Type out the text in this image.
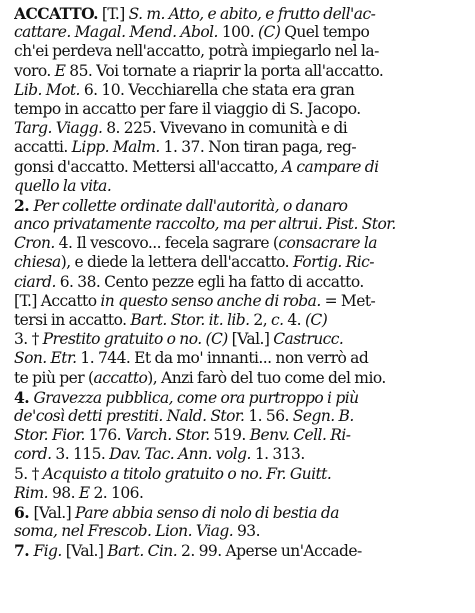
ACCATTO. [T.] S. m. Atto, e abito, e frutto dell'ac-
cattare. Magal. Mend. Abol. 100. (C) Quel tempo
ch'ei perdeva nell'accatto, potrà impiegarlo nel la-
voro. E 85. Voi tornate a riaprir la porta all'accatto.
Lib. Mot. 6. 10. Vecchiarella che stata era gran
tempo in accatto per fare il viaggio di S. Jacopo.
Targ. Viagg. 8. 225. Vivevano in comunità e di
accatti. Lipp. Malm. 1. 37. Non tiran paga, reg-
gonsi d'accatto. Mettersi all'accatto, A campare di
quello la vita.
2. Per collette ordinate dall'autorità, o danaro
anco privatamente raccolto, ma per altrui. Pist. Stor.
Cron. 4. Il vescovo... fecela sagrare (consacrare la
chiesa), e diede la lettera dell'accatto. Fortig. Ric-
ciard. 6. 38. Cento pezze egli ha fatto di accatto.
[T.] Accatto in questo senso anche di roba. = Met-
tersi in accatto. Bart. Stor. it. lib. 2, c. 4. (C)
3. † Prestito gratuito o no. (C) [Val.] Castrucc.
Son. Etr. 1. 744. Et da mo' innanti... non verrò ad
te più per (accatto), Anzi farò del tuo come del mio.
4. Gravezza pubblica, come ora purtroppo i più
de'così detti prestiti. Nald. Stor. 1. 56. Segn. B.
Stor. Fior. 176. Varch. Stor. 519. Benv. Cell. Ri-
cord. 3. 115. Dav. Tac. Ann. volg. 1. 313.
5. † Acquisto a titolo gratuito o no. Fr. Guitt.
Rim. 98. E 2. 106.
6. [Val.] Pare abbia senso di nolo di bestia da
soma, nel Frescob. Lion. Viag. 93.
7. Fig. [Val.] Bart. Cin. 2. 99. Aperse un'Accade-
